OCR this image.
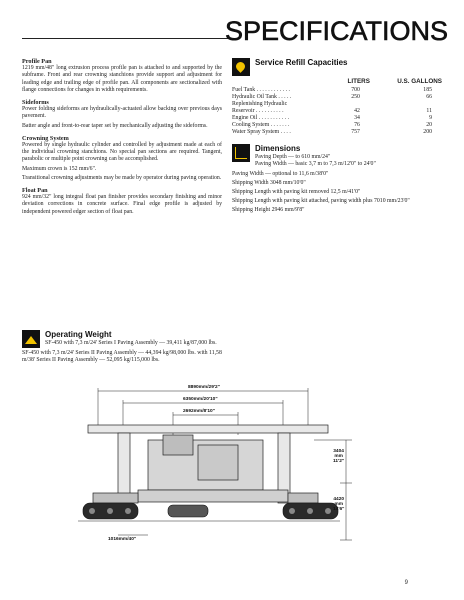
SPECIFICATIONS
Profile Pan
1219 mm/48" long extrusion process profile pan is attached to and supported by the subframe. Front and rear crowning stanchions provide support and adjustment for leading edge and trailing edge of profile pan. All components are sectionalized with flange connections for changes in width requirements.
Sideforms
Power folding sideforms are hydraulically-actuated allow backing over previous days pavement.
Batter angle and front-to-rear taper set by mechanically adjusting the sideforms.
Crowning System
Powered by single hydraulic cylinder and controlled by adjustment made at each of the individual crowning stanchions. No special pan sections are required. Tangent, parabolic or multiple point crowning can be accomplished.
Maximum crown is 152 mm/6".
Transitional crowning adjustments may be made by operator during paving operation.
Float Pan
924 mm/32" long integral float pan finisher provides secondary finishing and minor deviation corrections in concrete surface. Final edge profile is adjusted by independent powered edger section of float pan.
Service Refill Capacities
	LITERS	U.S. GALLONS
Fuel Tank . . . . . . . . . . . .	700	185
Hydraulic Oil Tank . . . . .	250	66
Replenishing Hydraulic		
Reservoir . . . . . . . . . .	42	11
Engine Oil . . . . . . . . . . .	34	9
Cooling System . . . . . . .	76	20
Water Spray System . . . .	757	200
Dimensions
Paving Depth — to 610 mm/24"
Paving Width — basic 3,7 m to 7,3 m/12'0" to 24'0"
Paving Width — optional to 11,6 m/38'0"
Shipping Width 3048 mm/10'0"
Shipping Length with paving kit removed 12,5 m/41'0"
Shipping Length with paving kit attached, paving width plus 7010 mm/23'0"
Shipping Height 2946 mm/9'8"
Operating Weight
SF-450 with 7,3 m/24' Series I Paving Assembly — 39,411 kg/87,000 lbs.
SF-450 with 7,3 m/24' Series II Paving Assembly — 44,394 kg/98,000 lbs. with 11,58 m/38' Series II Paving Assembly — 52,095 kg/115,000 lbs.
8890mm/29'2"
6350mm/20'10"
2692mm/8'10"
3404
mm
11'2"
4420
mm
14'6"
1016mm/40"
9
